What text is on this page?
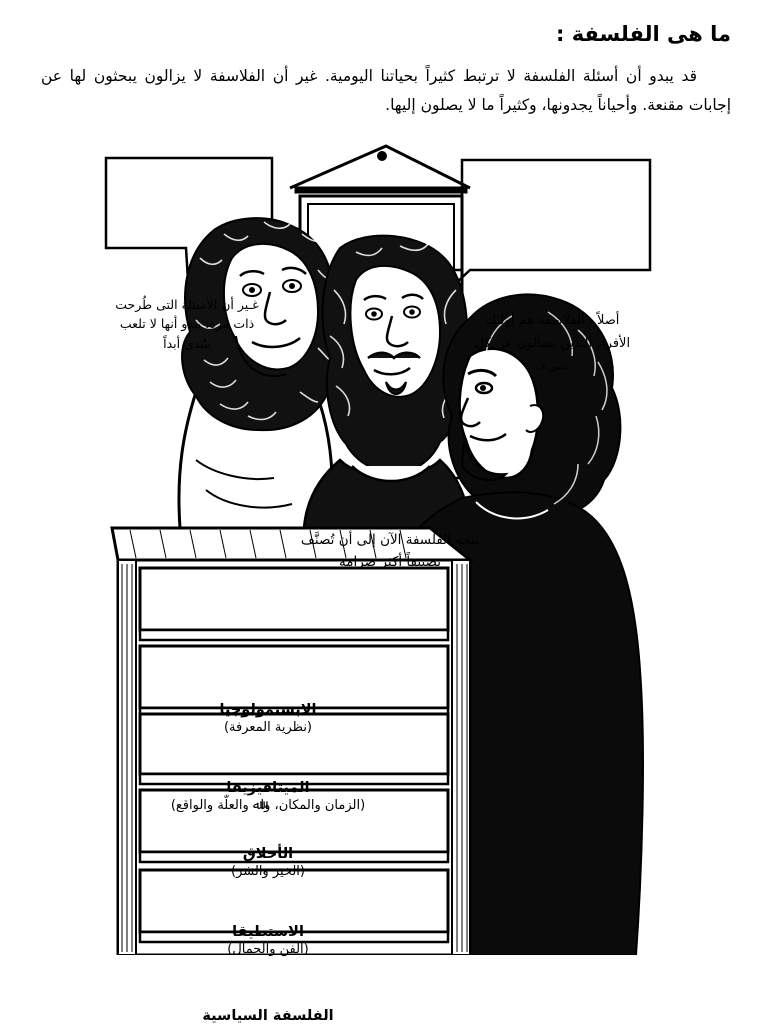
ما هى الفلسفة :
قد يبدو أن أسئلة الفلسفة لا ترتبط كثيراً بحياتنا اليومية. غير أن الفلاسفة لا يزالون يبحثون لها عن إجابات مقنعة. وأحياناً يجدونها، وكثيراً ما لا يصلون إليها.
غـير أن الأسئلة التى طُرحت ذات مرة، يبدو أنها لا تلعب سُدى أبداً
أصلاً ، الفلاسفة هم أولئك الأفراد الـذين يسألون عن كل شىء.
تتجه الفلسفة الآن إلى أن تُصنَّف تصنيفاً أكثر صرامة
الابستمولوجيا
(نظرية المعرفة)
الميتافيزيقا
(الزمان والمكان، واﷲ والعلّة والواقع)
الأخلاق
(الخير والشر)
الاستطيقا
(الفن والجمال)
الفلسفة السياسية
